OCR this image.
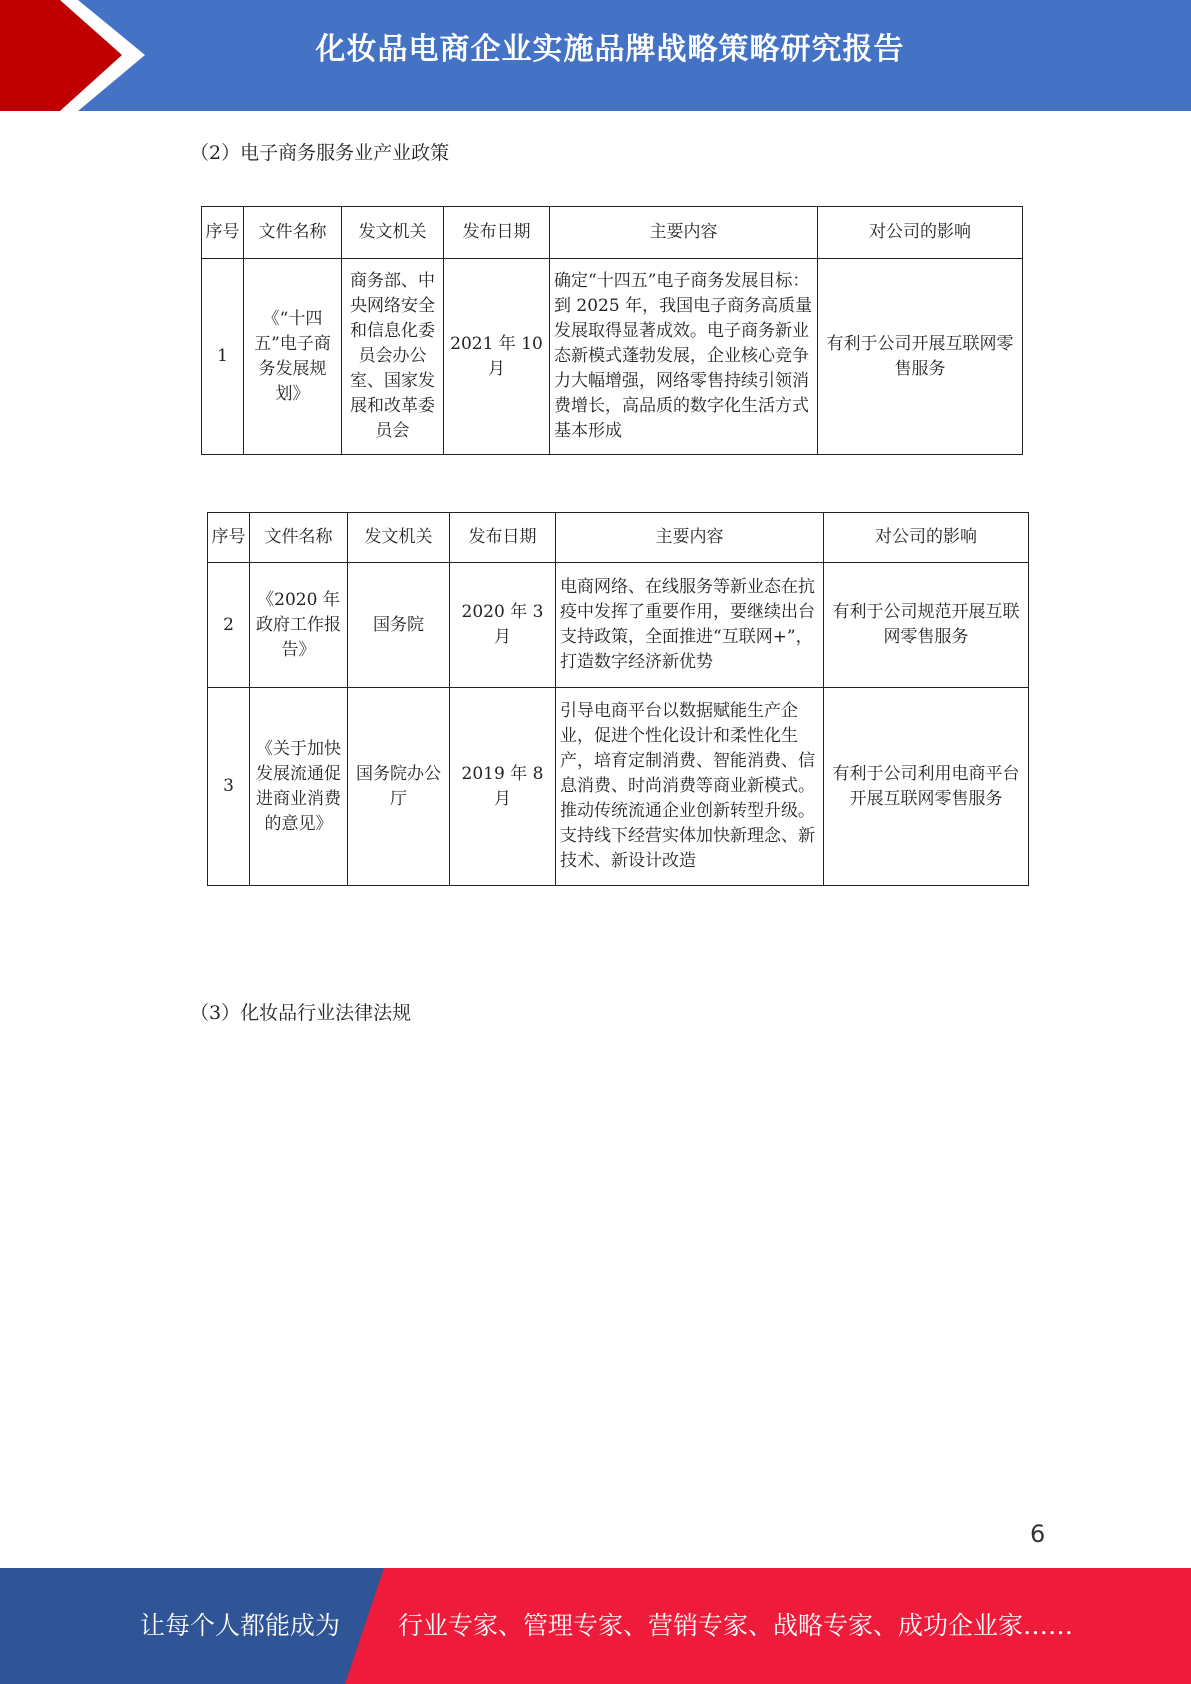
化妆品电商企业实施品牌战略策略研究报告
（2）电子商务服务业产业政策
序号	文件名称	发文机关	发布日期	主要内容	对公司的影响
1	《“十四五”电子商务发展规划》	商务部、中央网络安全和信息化委员会办公室、国家发展和改革委员会	2021 年 10 月	确定“十四五”电子商务发展目标：到 2025 年，我国电子商务高质量发展取得显著成效。电子商务新业态新模式蓬勃发展，企业核心竞争力大幅增强，网络零售持续引领消费增长，高品质的数字化生活方式基本形成	有利于公司开展互联网零售服务
序号	文件名称	发文机关	发布日期	主要内容	对公司的影响
2	《2020 年政府工作报告》	国务院	2020 年 3 月	电商网络、在线服务等新业态在抗疫中发挥了重要作用，要继续出台支持政策，全面推进“互联网+”，打造数字经济新优势	有利于公司规范开展互联网零售服务
3	《关于加快发展流通促进商业消费的意见》	国务院办公厅	2019 年 8 月	引导电商平台以数据赋能生产企业，促进个性化设计和柔性化生产，培育定制消费、智能消费、信息消费、时尚消费等商业新模式。推动传统流通企业创新转型升级。支持线下经营实体加快新理念、新技术、新设计改造	有利于公司利用电商平台开展互联网零售服务
（3）化妆品行业法律法规
6
让每个人都能成为 行业专家、管理专家、营销专家、战略专家、成功企业家……
